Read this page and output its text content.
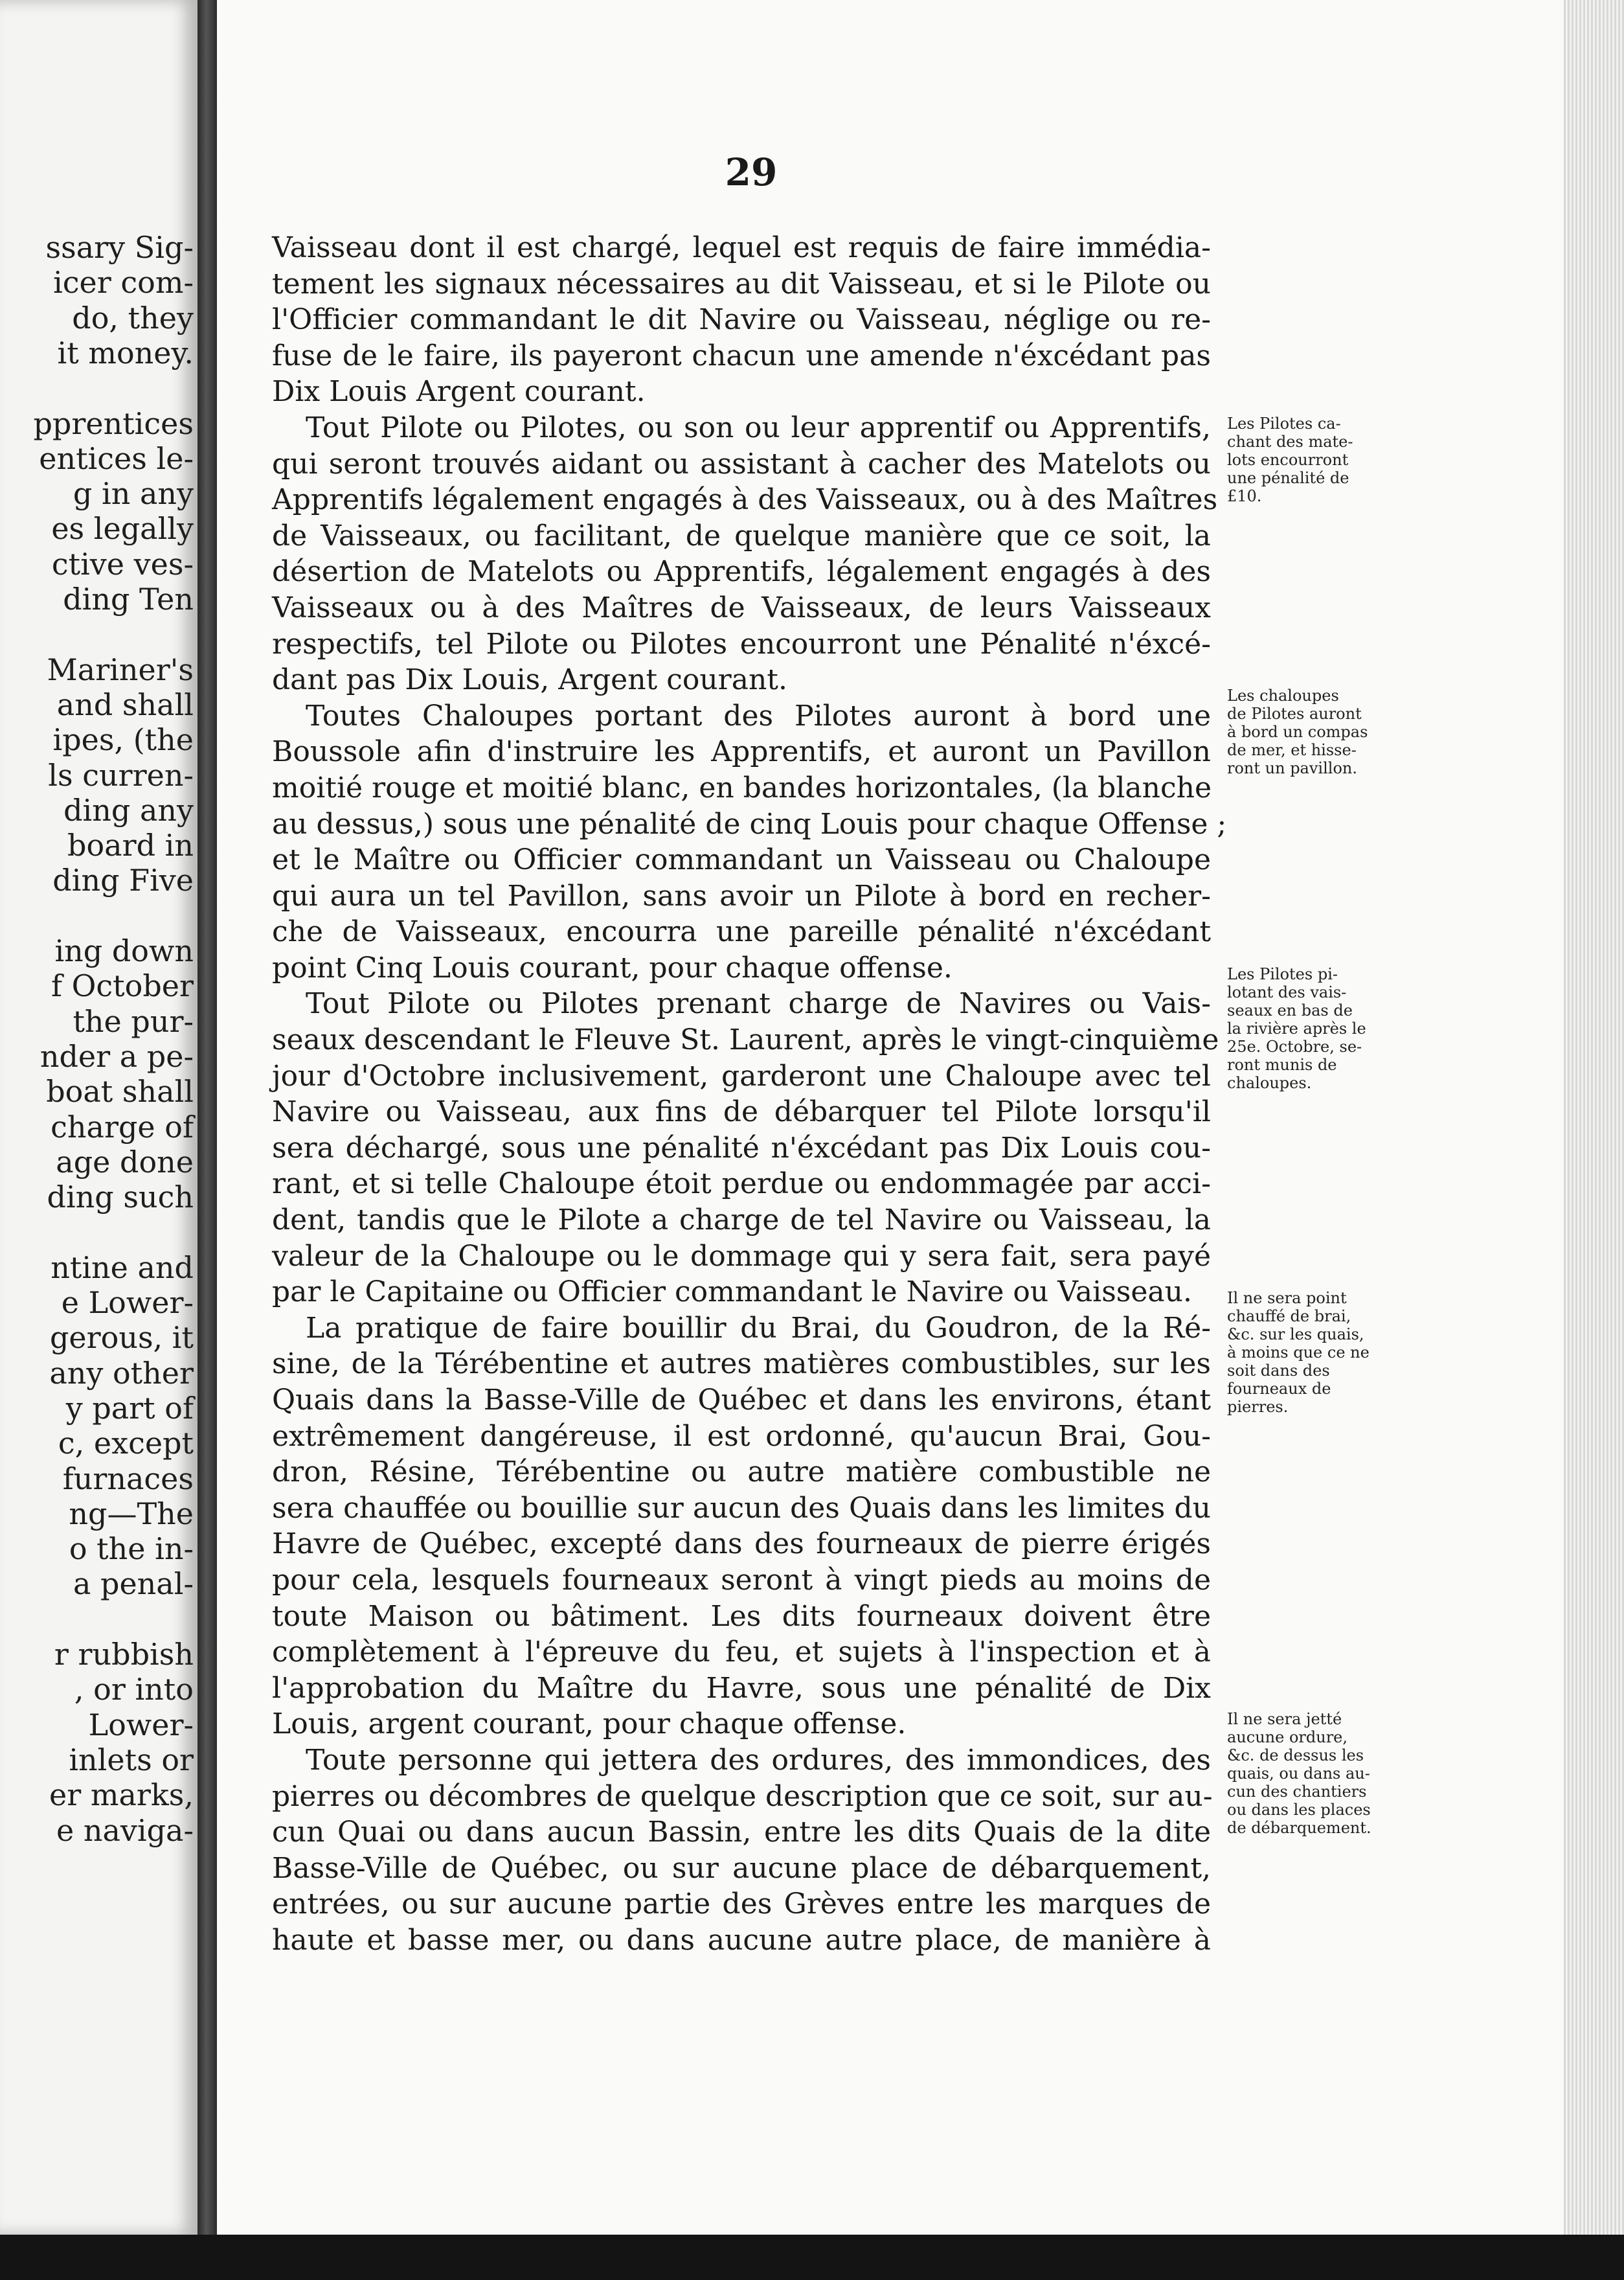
ssary Sig-
icer com-
do, they
it money.
pprentices
entices le-
g in any
es legally
ctive ves-
ding Ten
Mariner's
and shall
ipes, (the
ls curren-
ding any
board in
ding Five
ing down
f October
the pur-
nder a pe-
boat shall
charge of
age done
ding such
ntine and
e Lower-
gerous, it
any other
y part of
c, except
furnaces
ng—The
o the in-
a penal-
r rubbish
, or into
Lower-
inlets or
er marks,
e naviga-
29
Vaisseau dont il est chargé, lequel est requis de faire immédia-
tement les signaux nécessaires au dit Vaisseau, et si le Pilote ou
l'Officier commandant le dit Navire ou Vaisseau, néglige ou re-
fuse de le faire, ils payeront chacun une amende n'éxcédant pas
Dix Louis Argent courant.
Tout Pilote ou Pilotes, ou son ou leur apprentif ou Apprentifs,
qui seront trouvés aidant ou assistant à cacher des Matelots ou
Apprentifs légalement engagés à des Vaisseaux, ou à des Maîtres
de Vaisseaux, ou facilitant, de quelque manière que ce soit, la
désertion de Matelots ou Apprentifs, légalement engagés à des
Vaisseaux ou à des Maîtres de Vaisseaux, de leurs Vaisseaux
respectifs, tel Pilote ou Pilotes encourront une Pénalité n'éxcé-
dant pas Dix Louis, Argent courant.
Toutes Chaloupes portant des Pilotes auront à bord une
Boussole afin d'instruire les Apprentifs, et auront un Pavillon
moitié rouge et moitié blanc, en bandes horizontales, (la blanche
au dessus,) sous une pénalité de cinq Louis pour chaque Offense ;
et le Maître ou Officier commandant un Vaisseau ou Chaloupe
qui aura un tel Pavillon, sans avoir un Pilote à bord en recher-
che de Vaisseaux, encourra une pareille pénalité n'éxcédant
point Cinq Louis courant, pour chaque offense.
Tout Pilote ou Pilotes prenant charge de Navires ou Vais-
seaux descendant le Fleuve St. Laurent, après le vingt-cinquième
jour d'Octobre inclusivement, garderont une Chaloupe avec tel
Navire ou Vaisseau, aux fins de débarquer tel Pilote lorsqu'il
sera déchargé, sous une pénalité n'éxcédant pas Dix Louis cou-
rant, et si telle Chaloupe étoit perdue ou endommagée par acci-
dent, tandis que le Pilote a charge de tel Navire ou Vaisseau, la
valeur de la Chaloupe ou le dommage qui y sera fait, sera payé
par le Capitaine ou Officier commandant le Navire ou Vaisseau.
La pratique de faire bouillir du Brai, du Goudron, de la Ré-
sine, de la Térébentine et autres matières combustibles, sur les
Quais dans la Basse-Ville de Québec et dans les environs, étant
extrêmement dangéreuse, il est ordonné, qu'aucun Brai, Gou-
dron, Résine, Térébentine ou autre matière combustible ne
sera chauffée ou bouillie sur aucun des Quais dans les limites du
Havre de Québec, excepté dans des fourneaux de pierre érigés
pour cela, lesquels fourneaux seront à vingt pieds au moins de
toute Maison ou bâtiment. Les dits fourneaux doivent être
complètement à l'épreuve du feu, et sujets à l'inspection et à
l'approbation du Maître du Havre, sous une pénalité de Dix
Louis, argent courant, pour chaque offense.
Toute personne qui jettera des ordures, des immondices, des
pierres ou décombres de quelque description que ce soit, sur au-
cun Quai ou dans aucun Bassin, entre les dits Quais de la dite
Basse-Ville de Québec, ou sur aucune place de débarquement,
entrées, ou sur aucune partie des Grèves entre les marques de
haute et basse mer, ou dans aucune autre place, de manière à
Les Pilotes ca-
chant des mate-
lots encourront
une pénalité de
£10.
Les chaloupes
de Pilotes auront
à bord un compas
de mer, et hisse-
ront un pavillon.
Les Pilotes pi-
lotant des vais-
seaux en bas de
la rivière après le
25e. Octobre, se-
ront munis de
chaloupes.
Il ne sera point
chauffé de brai,
&c. sur les quais,
à moins que ce ne
soit dans des
fourneaux de
pierres.
Il ne sera jetté
aucune ordure,
&c. de dessus les
quais, ou dans au-
cun des chantiers
ou dans les places
de débarquement.
